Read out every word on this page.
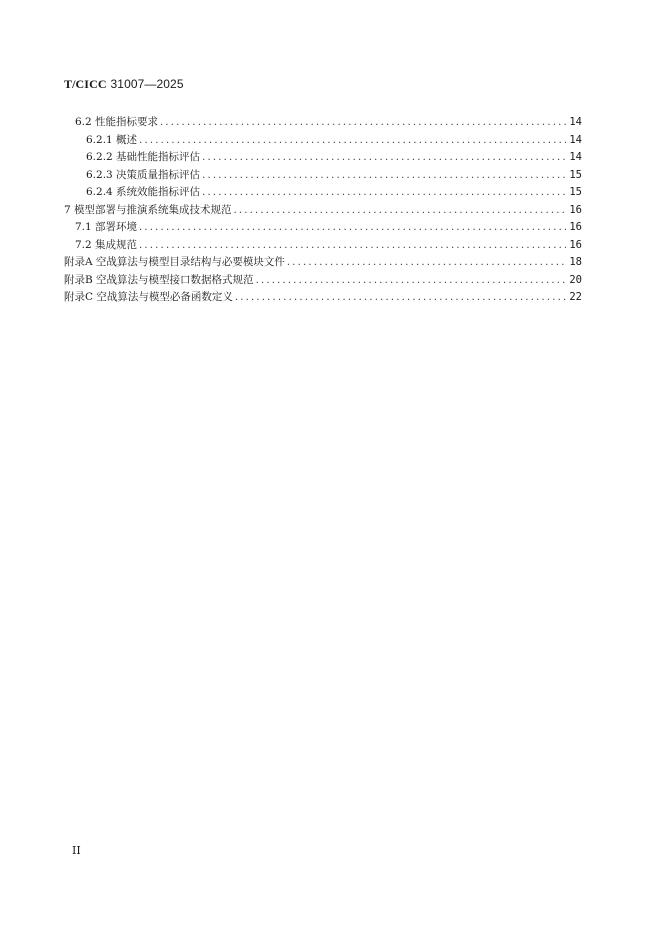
T/CICC 31007—2025
6.2 性能指标要求 .....	14
6.2.1 概述 .....	14
6.2.2 基础性能指标评估 .....	14
6.2.3 决策质量指标评估 .....	15
6.2.4 系统效能指标评估 .....	15
7 模型部署与推演系统集成技术规范 .....	16
7.1 部署环境 .....	16
7.2 集成规范 .....	16
附录A 空战算法与模型目录结构与必要模块文件 .....	18
附录B 空战算法与模型接口数据格式规范 .....	20
附录C 空战算法与模型必备函数定义 .....	22
II
